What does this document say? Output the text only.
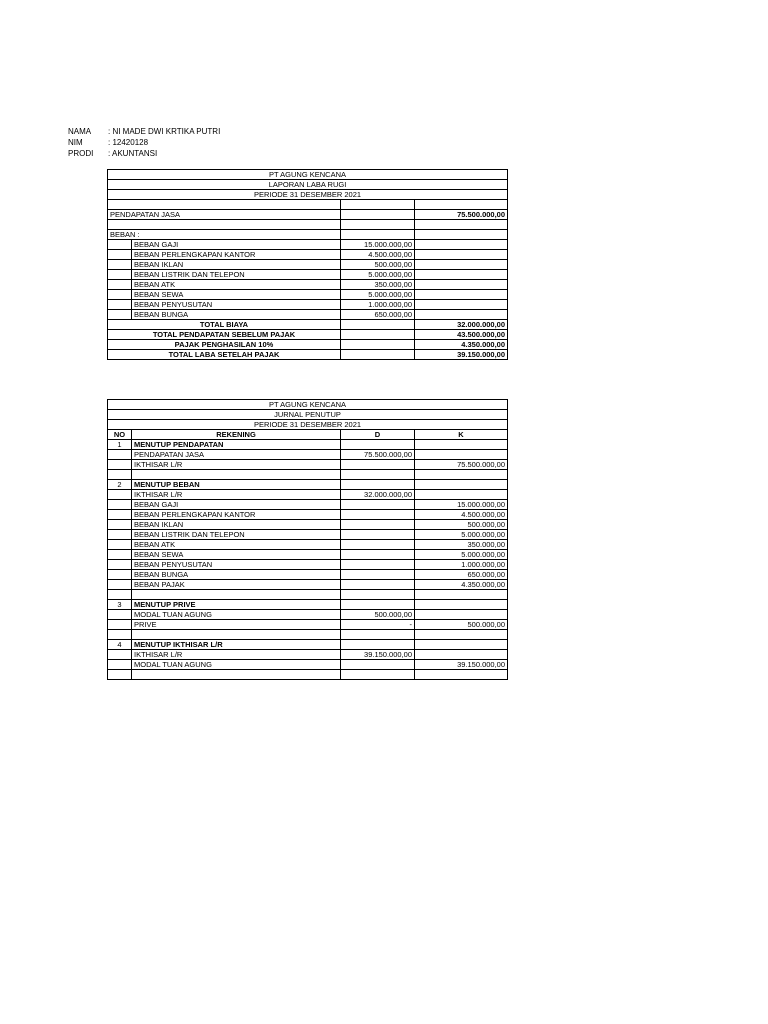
NAMA	: NI MADE DWI KRTIKA PUTRI
NIM	: 12420128
PRODI	: AKUNTANSI
PT AGUNG KENCANA			
LAPORAN LABA RUGI			
PERIODE 31 DESEMBER 2021			

PENDAPATAN JASA			75.500.000,00

BEBAN :			
	BEBAN GAJI	15.000.000,00	
	BEBAN PERLENGKAPAN KANTOR	4.500.000,00	
	BEBAN IKLAN	500.000,00	
	BEBAN LISTRIK DAN TELEPON	5.000.000,00	
	BEBAN ATK	350.000,00	
	BEBAN SEWA	5.000.000,00	
	BEBAN PENYUSUTAN	1.000.000,00	
	BEBAN BUNGA	650.000,00	
TOTAL BIAYA			32.000.000,00
TOTAL PENDAPATAN SEBELUM PAJAK			43.500.000,00
PAJAK PENGHASILAN 10%			4.350.000,00
TOTAL LABA SETELAH PAJAK			39.150.000,00
PT AGUNG KENCANA			
JURNAL PENUTUP			
PERIODE 31 DESEMBER 2021			
NO	REKENING	D	K
1	MENUTUP PENDAPATAN		
	PENDAPATAN JASA	75.500.000,00	
	IKTHISAR L/R		75.500.000,00

2	MENUTUP BEBAN		
	IKTHISAR L/R	32.000.000,00	
	BEBAN GAJI		15.000.000,00
	BEBAN PERLENGKAPAN KANTOR		4.500.000,00
	BEBAN IKLAN		500.000,00
	BEBAN LISTRIK DAN TELEPON		5.000.000,00
	BEBAN ATK		350.000,00
	BEBAN SEWA		5.000.000,00
	BEBAN PENYUSUTAN		1.000.000,00
	BEBAN BUNGA		650.000,00
	BEBAN PAJAK		4.350.000,00

3	MENUTUP PRIVE		
	MODAL TUAN AGUNG	500.000,00	
	PRIVE	-	500.000,00

4	MENUTUP IKTHISAR L/R		
	IKTHISAR L/R	39.150.000,00	
	MODAL TUAN AGUNG		39.150.000,00
